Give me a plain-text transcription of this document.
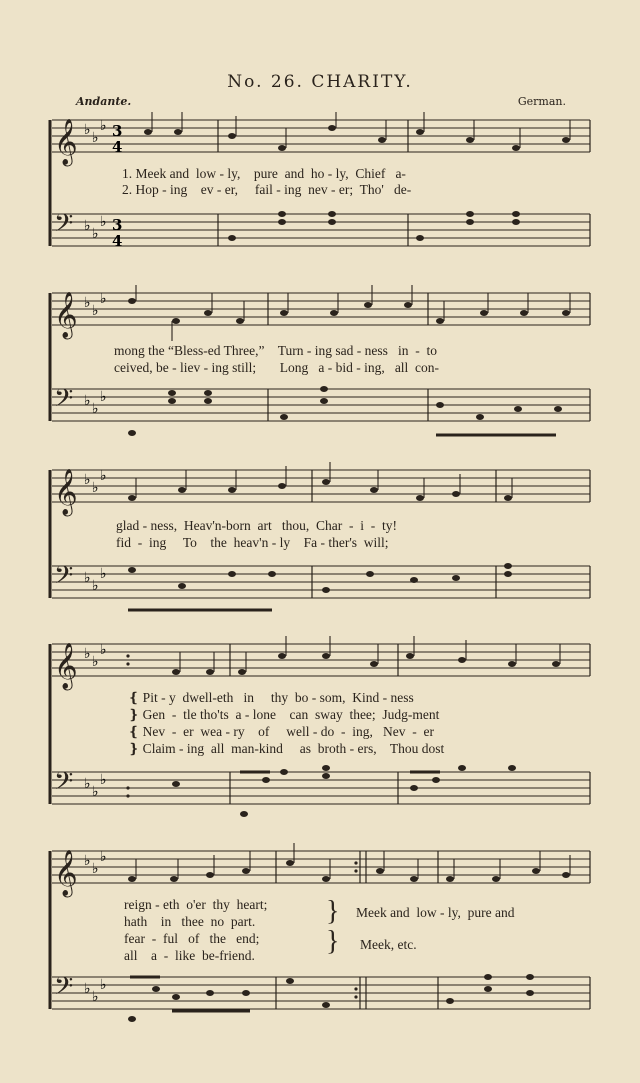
No. 26. CHARITY.
Andante.	German.
𝄞
𝄢
♭ ♭
♭
♭ ♭
♭
3
4
3
4
1. Meek and  low - ly,    pure  and  ho - ly,  Chief   a-
2. Hop - ing    ev - er,     fail - ing  nev - er;  Tho'   de-
𝄞
𝄢
♭ ♭
♭
♭ ♭
♭
mong the “Bless-ed Three,”    Turn - ing sad - ness   in  -  to
ceived, be - liev - ing still;       Long   a - bid - ing,   all  con-
𝄞
𝄢
♭ ♭
♭
♭ ♭
♭
glad - ness,  Heav'n-born  art   thou,  Char  -  i  -  ty!
fid  -  ing     To    the  heav'n - ly    Fa - ther's  will;
𝄞
𝄢
♭ ♭
♭
♭ ♭
♭
❴ Pit - y  dwell-eth   in     thy  bo - som,  Kind - ness
❵ Gen  -  tle tho'ts  a - lone    can  sway  thee;  Judg-ment
❴ Nev  -  er  wea - ry    of     well - do  -  ing,   Nev  -  er
❵ Claim - ing  all  man-kind     as  broth - ers,    Thou dost
𝄞
𝄢
♭ ♭
♭
♭ ♭
♭
reign - eth  o'er  thy  heart;
hath    in   thee  no  part.
fear  -  ful   of   the   end;
all    a  -  like  be-friend.
}
}
Meek and  low - ly,  pure and
Meek, etc.
